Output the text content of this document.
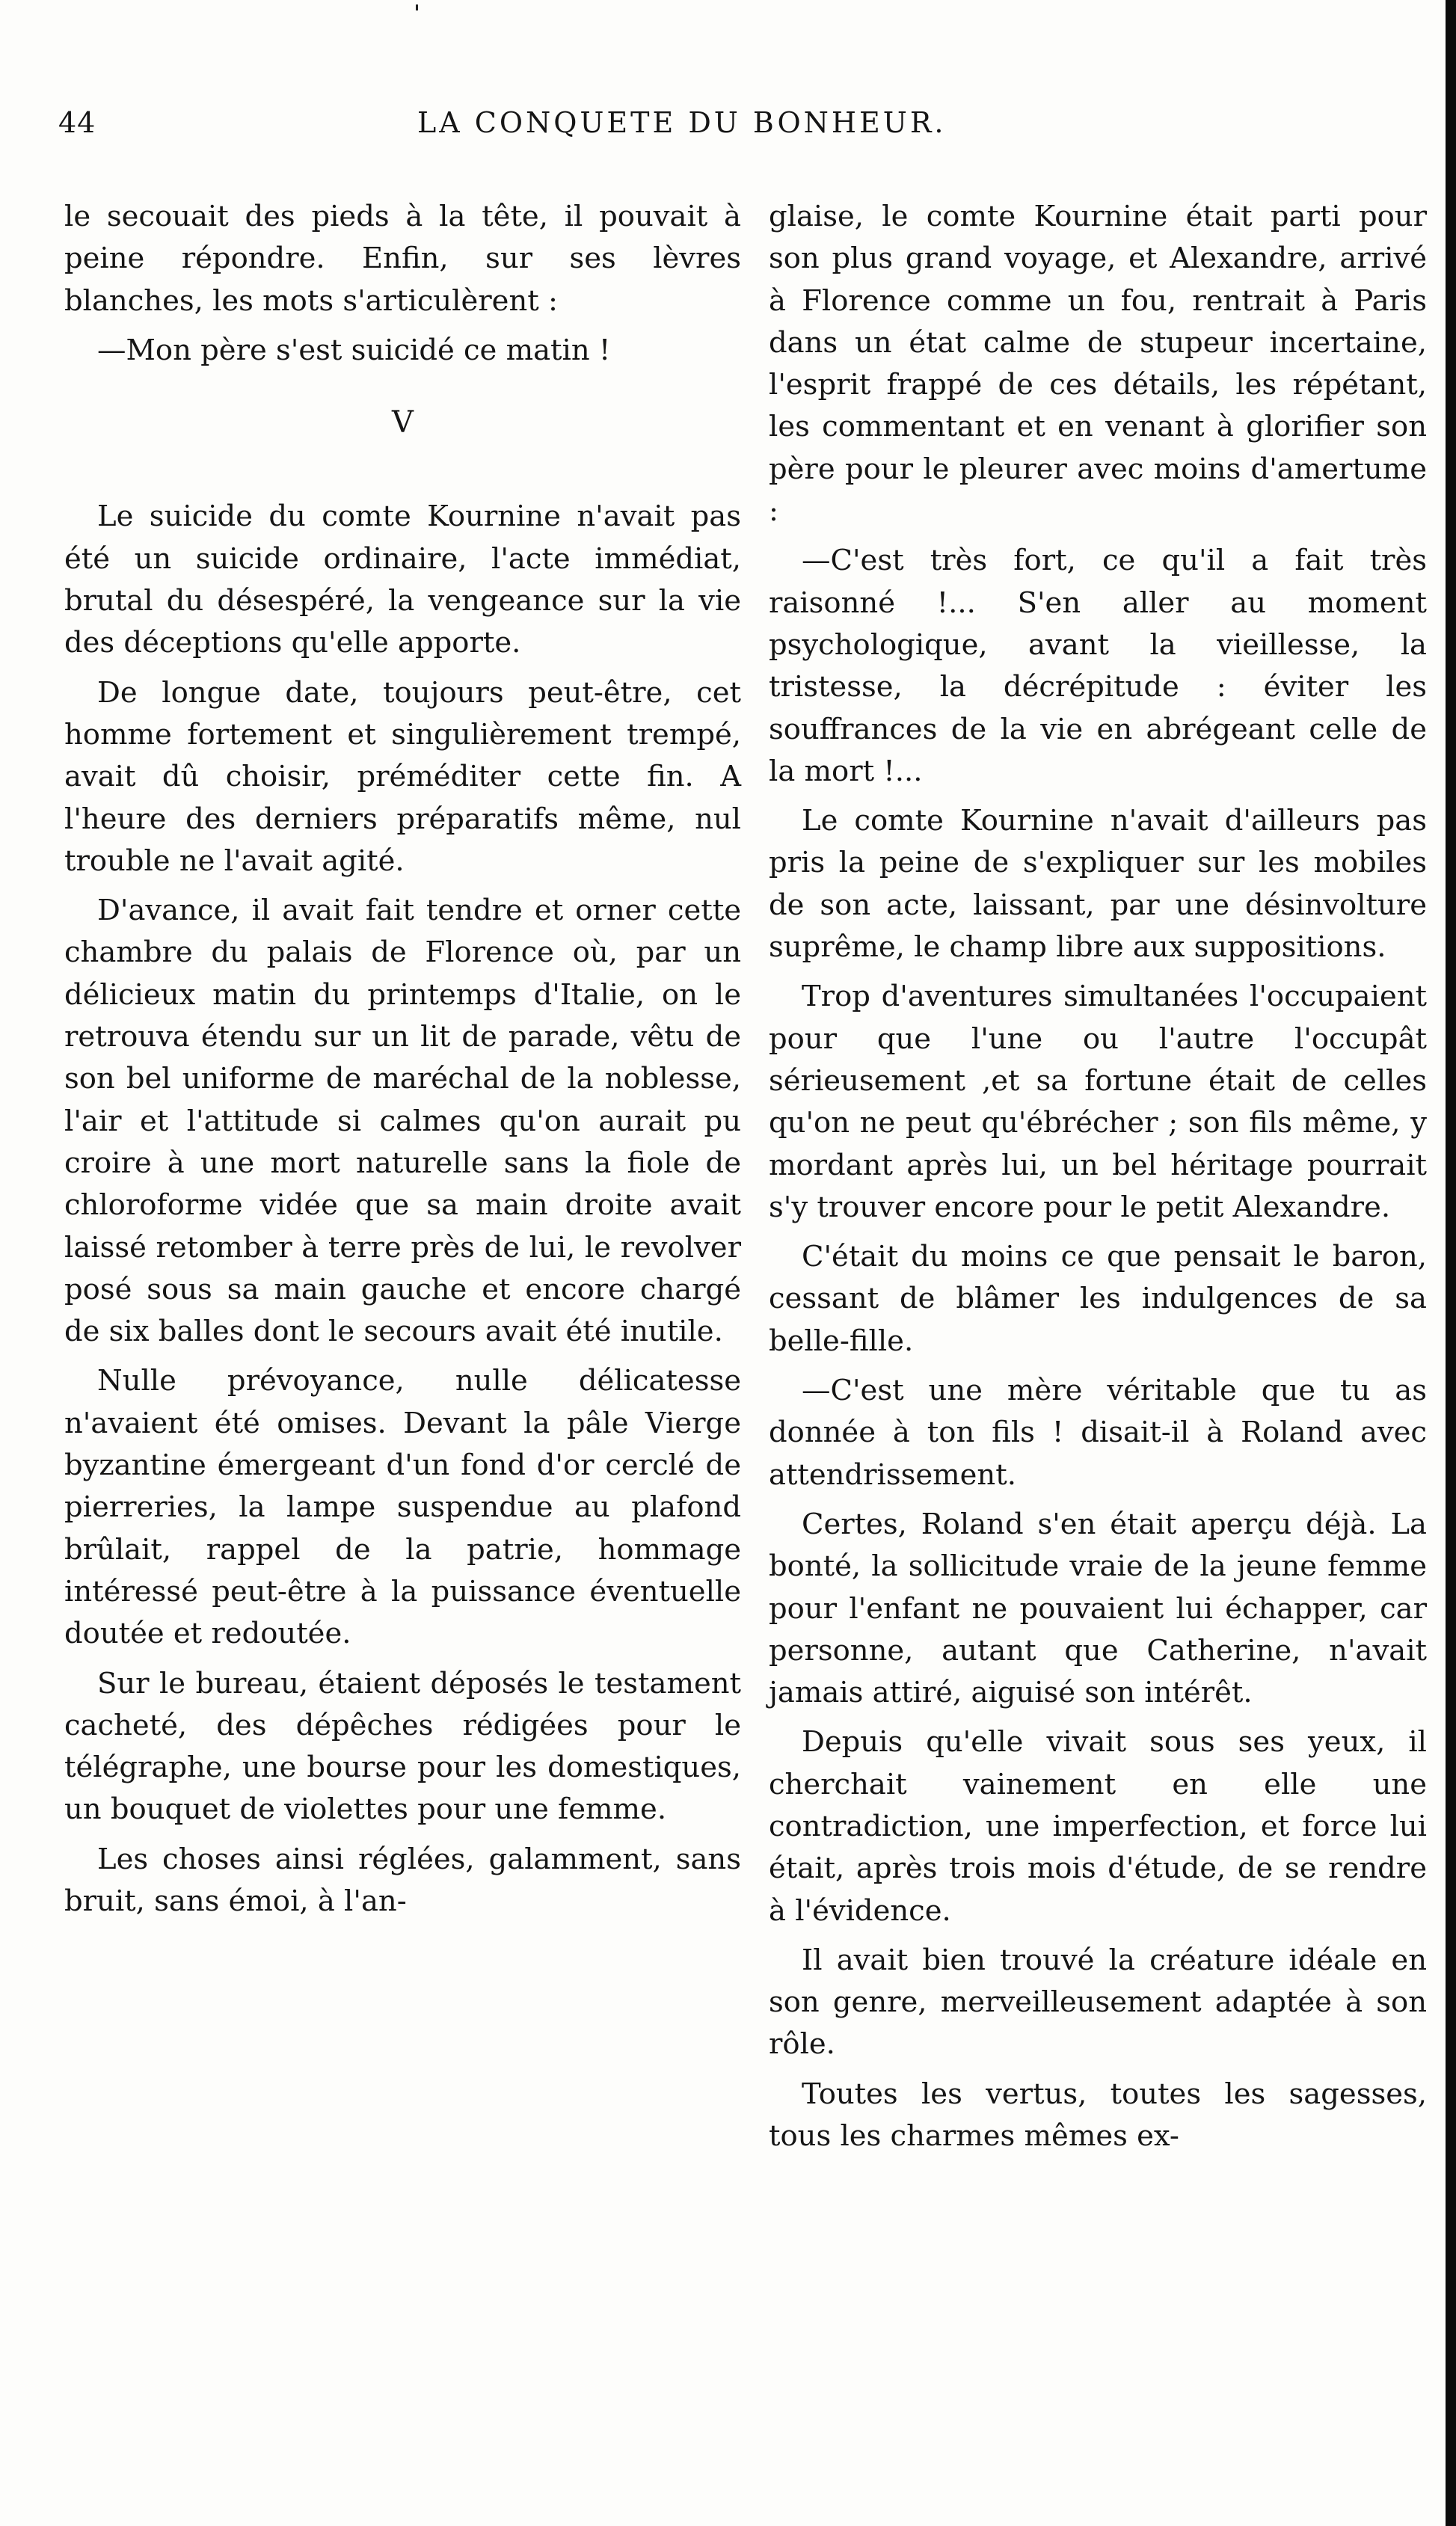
44	LA CONQUETE DU BONHEUR.

le secouait des pieds à la tête, il pouvait à peine répondre. Enfin, sur ses lèvres blanches, les mots s'articulèrent :

—Mon père s'est suicidé ce matin !

V

Le suicide du comte Kournine n'avait pas été un suicide ordinaire, l'acte immédiat, brutal du désespéré, la vengeance sur la vie des déceptions qu'elle apporte.

De longue date, toujours peut-être, cet homme fortement et singulièrement trempé, avait dû choisir, préméditer cette fin. A l'heure des derniers préparatifs même, nul trouble ne l'avait agité.

D'avance, il avait fait tendre et orner cette chambre du palais de Florence où, par un délicieux matin du printemps d'Italie, on le retrouva étendu sur un lit de parade, vêtu de son bel uniforme de maréchal de la noblesse, l'air et l'attitude si calmes qu'on aurait pu croire à une mort naturelle sans la fiole de chloroforme vidée que sa main droite avait laissé retomber à terre près de lui, le revolver posé sous sa main gauche et encore chargé de six balles dont le secours avait été inutile.

Nulle prévoyance, nulle délicatesse n'avaient été omises. Devant la pâle Vierge byzantine émergeant d'un fond d'or cerclé de pierreries, la lampe suspendue au plafond brûlait, rappel de la patrie, hommage intéressé peut-être à la puissance éventuelle doutée et redoutée.

Sur le bureau, étaient déposés le testament cacheté, des dépêches rédigées pour le télégraphe, une bourse pour les domestiques, un bouquet de violettes pour une femme.

Les choses ainsi réglées, galamment, sans bruit, sans émoi, à l'an-

glaise, le comte Kournine était parti pour son plus grand voyage, et Alexandre, arrivé à Florence comme un fou, rentrait à Paris dans un état calme de stupeur incertaine, l'esprit frappé de ces détails, les répétant, les commentant et en venant à glorifier son père pour le pleurer avec moins d'amertume :

—C'est très fort, ce qu'il a fait très raisonné !... S'en aller au moment psychologique, avant la vieillesse, la tristesse, la décrépitude : éviter les souffrances de la vie en abrégeant celle de la mort !...

Le comte Kournine n'avait d'ailleurs pas pris la peine de s'expliquer sur les mobiles de son acte, laissant, par une désinvolture suprême, le champ libre aux suppositions.

Trop d'aventures simultanées l'occupaient pour que l'une ou l'autre l'occupât sérieusement ,et sa fortune était de celles qu'on ne peut qu'ébrécher ; son fils même, y mordant après lui, un bel héritage pourrait s'y trouver encore pour le petit Alexandre.

C'était du moins ce que pensait le baron, cessant de blâmer les indulgences de sa belle-fille.

—C'est une mère véritable que tu as donnée à ton fils ! disait-il à Roland avec attendrissement.

Certes, Roland s'en était aperçu déjà. La bonté, la sollicitude vraie de la jeune femme pour l'enfant ne pouvaient lui échapper, car personne, autant que Catherine, n'avait jamais attiré, aiguisé son intérêt.

Depuis qu'elle vivait sous ses yeux, il cherchait vainement en elle une contradiction, une imperfection, et force lui était, après trois mois d'étude, de se rendre à l'évidence.

Il avait bien trouvé la créature idéale en son genre, merveilleusement adaptée à son rôle.

Toutes les vertus, toutes les sagesses, tous les charmes mêmes ex-
